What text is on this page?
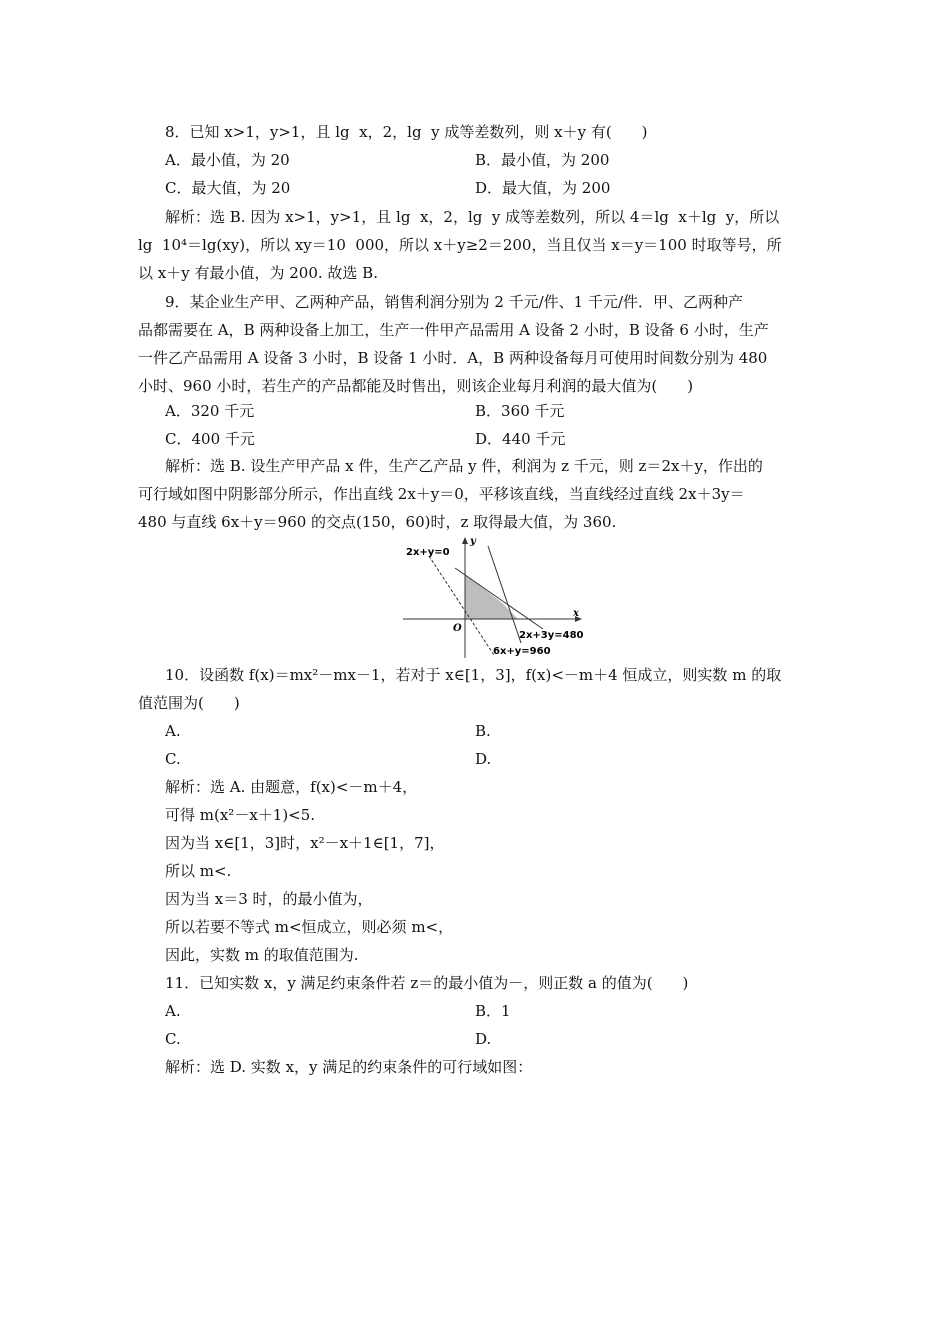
8．已知 x>1，y>1，且 lg  x，2，lg  y 成等差数列，则 x＋y 有(　　)
A．最小值，为 20	B．最小值，为 200
C．最大值，为 20	D．最大值，为 200
解析：选 B. 因为 x>1，y>1，且 lg  x，2，lg  y 成等差数列，所以 4＝lg  x＋lg  y，所以
lg  10⁴＝lg(xy)，所以 xy＝10  000，所以 x＋y≥2＝200，当且仅当 x＝y＝100 时取等号，所
以 x＋y 有最小值，为 200. 故选 B.
9．某企业生产甲、乙两种产品，销售利润分别为 2 千元/件、1 千元/件．甲、乙两种产
品都需要在 A，B 两种设备上加工，生产一件甲产品需用 A 设备 2 小时，B 设备 6 小时，生产
一件乙产品需用 A 设备 3 小时，B 设备 1 小时．A，B 两种设备每月可使用时间数分别为 480
小时、960 小时，若生产的产品都能及时售出，则该企业每月利润的最大值为(　　)
A．320 千元	B．360 千元
C．400 千元	D．440 千元
解析：选 B. 设生产甲产品 x 件，生产乙产品 y 件，利润为 z 千元，则 z＝2x＋y，作出的
可行域如图中阴影部分所示，作出直线 2x＋y＝0，平移该直线，当直线经过直线 2x＋3y＝
480 与直线 6x＋y＝960 的交点(150，60)时，z 取得最大值，为 360.
2x+y=0
y
x
O
2x+3y=480
6x+y=960
10．设函数 f(x)＝mx²－mx－1，若对于 x∈[1，3]，f(x)<－m＋4 恒成立，则实数 m 的取
值范围为(　　)
A.	B.
C.	D.
解析：选 A. 由题意，f(x)<－m＋4，
可得 m(x²－x＋1)<5.
因为当 x∈[1，3]时，x²－x＋1∈[1，7]，
所以 m<.
因为当 x＝3 时，的最小值为，
所以若要不等式 m<恒成立，则必须 m<，
因此，实数 m 的取值范围为.
11．已知实数 x，y 满足约束条件若 z＝的最小值为－，则正数 a 的值为(　　)
A.	B．1
C.	D.
解析：选 D. 实数 x，y 满足的约束条件的可行域如图：
